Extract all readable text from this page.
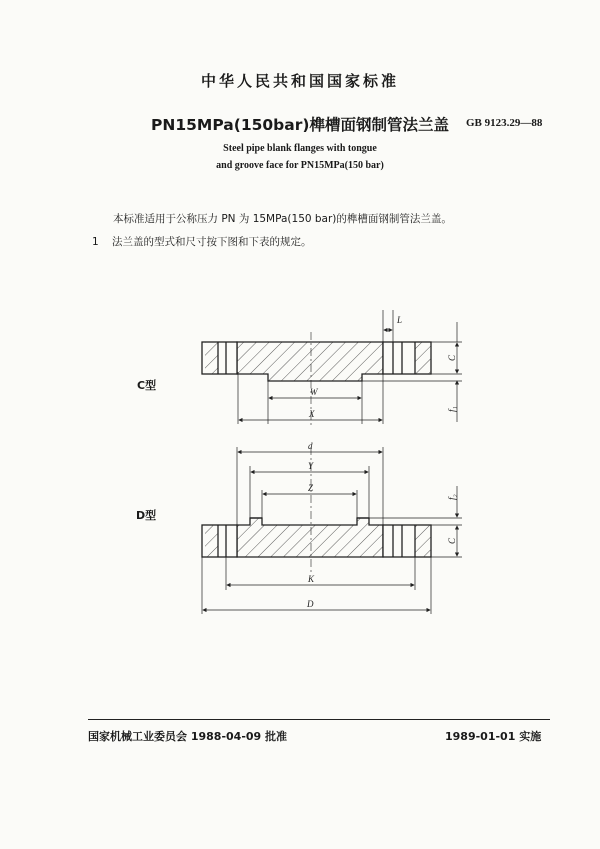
中华人民共和国国家标准
PN15MPa(150bar)榫槽面钢制管法兰盖	GB 9123.29—88
Steel pipe blank flanges with tongue
and groove face for PN15MPa(150 bar)
本标准适用于公称压力 PN 为 15MPa(150 bar)的榫槽面钢制管法兰盖。
1 法兰盖的型式和尺寸按下图和下表的规定。
C型
D型
L
C
f₁
W
X
d
Y
Z
f₂
C
K
D
国家机械工业委员会 1988-04-09 批准	1989-01-01 实施
